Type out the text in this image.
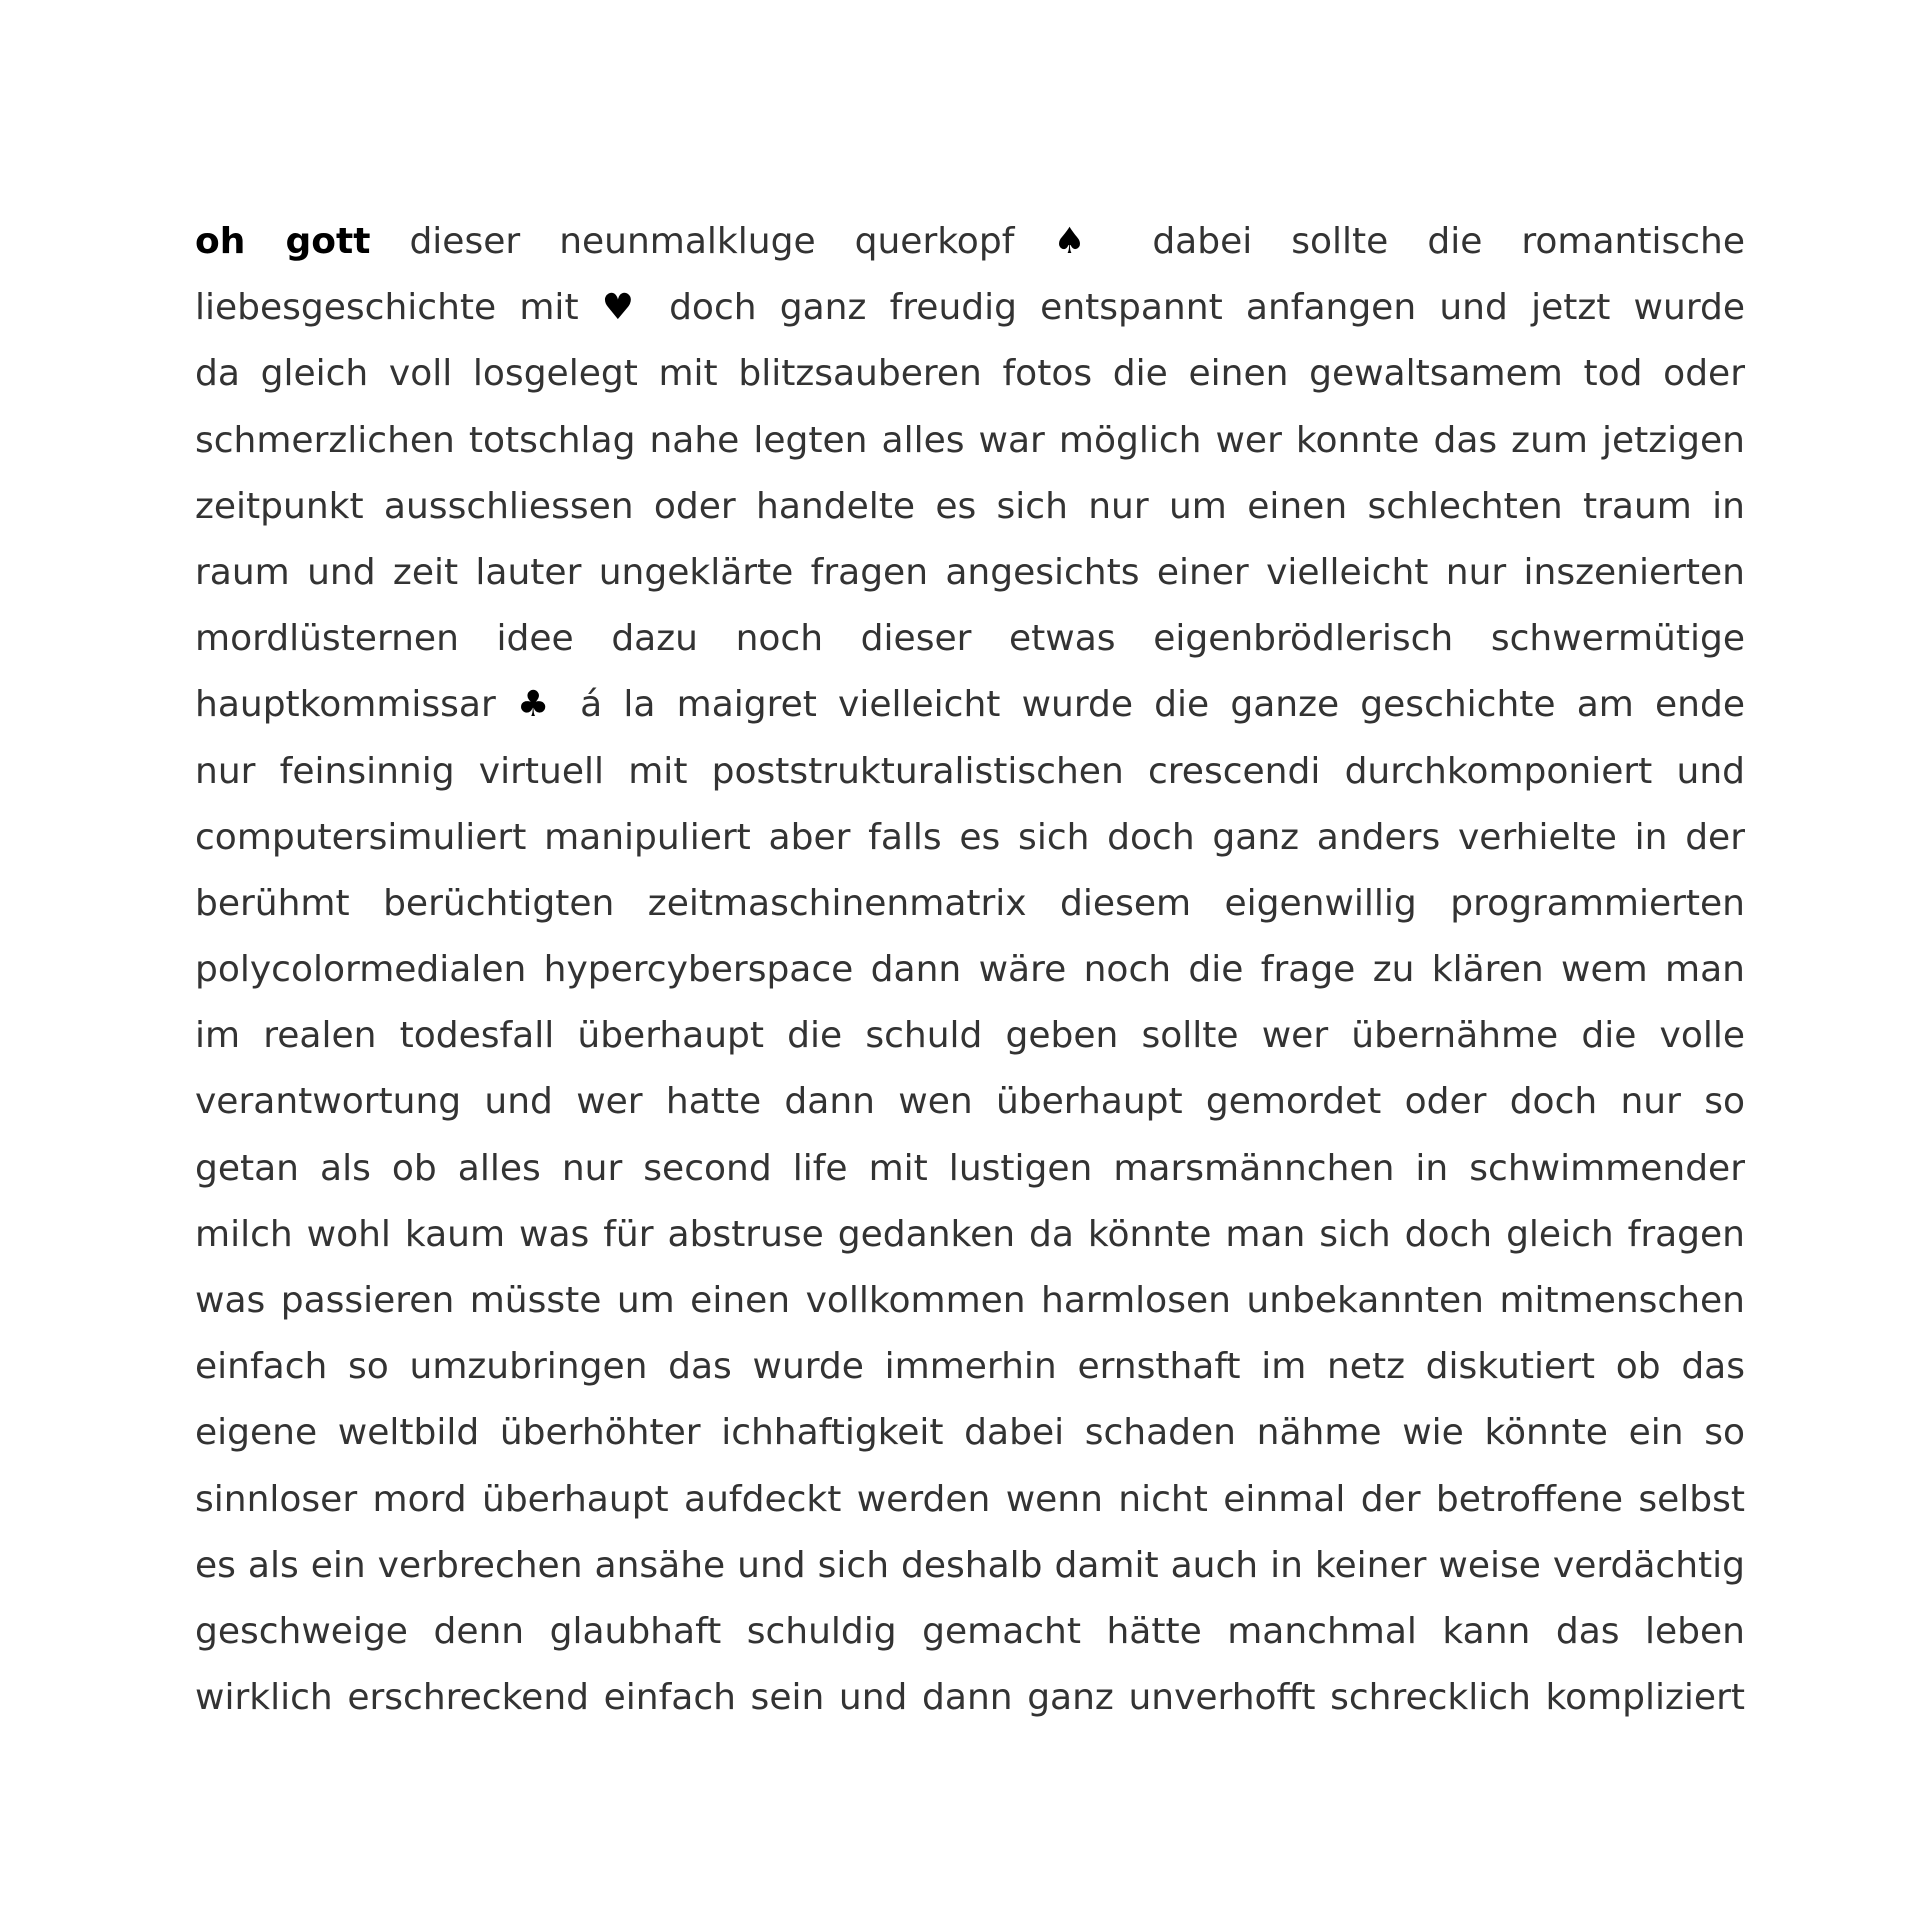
oh gott dieser neunmalkluge querkopf ♠ dabei sollte die romantische
liebesgeschichte mit ♥ doch ganz freudig entspannt anfangen und jetzt wurde
da gleich voll losgelegt mit blitzsauberen fotos die einen gewaltsamem tod oder
schmerzlichen totschlag nahe legten alles war möglich wer konnte das zum jetzigen
zeitpunkt ausschliessen oder handelte es sich nur um einen schlechten traum in
raum und zeit lauter ungeklärte fragen angesichts einer vielleicht nur inszenierten
mordlüsternen idee dazu noch dieser etwas eigenbrödlerisch schwermütige
hauptkommissar ♣ á la maigret vielleicht wurde die ganze geschichte am ende
nur feinsinnig virtuell mit poststrukturalistischen crescendi durchkomponiert und
computersimuliert manipuliert aber falls es sich doch ganz anders verhielte in der
berühmt berüchtigten zeitmaschinenmatrix diesem eigenwillig programmierten
polycolormedialen hypercyberspace dann wäre noch die frage zu klären wem man
im realen todesfall überhaupt die schuld geben sollte wer übernähme die volle
verantwortung und wer hatte dann wen überhaupt gemordet oder doch nur so
getan als ob alles nur second life mit lustigen marsmännchen in schwimmender
milch wohl kaum was für abstruse gedanken da könnte man sich doch gleich fragen
was passieren müsste um einen vollkommen harmlosen unbekannten mitmenschen
einfach so umzubringen das wurde immerhin ernsthaft im netz diskutiert ob das
eigene weltbild überhöhter ichhaftigkeit dabei schaden nähme wie könnte ein so
sinnloser mord überhaupt aufdeckt werden wenn nicht einmal der betroffene selbst
es als ein verbrechen ansähe und sich deshalb damit auch in keiner weise verdächtig
geschweige denn glaubhaft schuldig gemacht hätte manchmal kann das leben
wirklich erschreckend einfach sein und dann ganz unverhofft schrecklich kompliziert
